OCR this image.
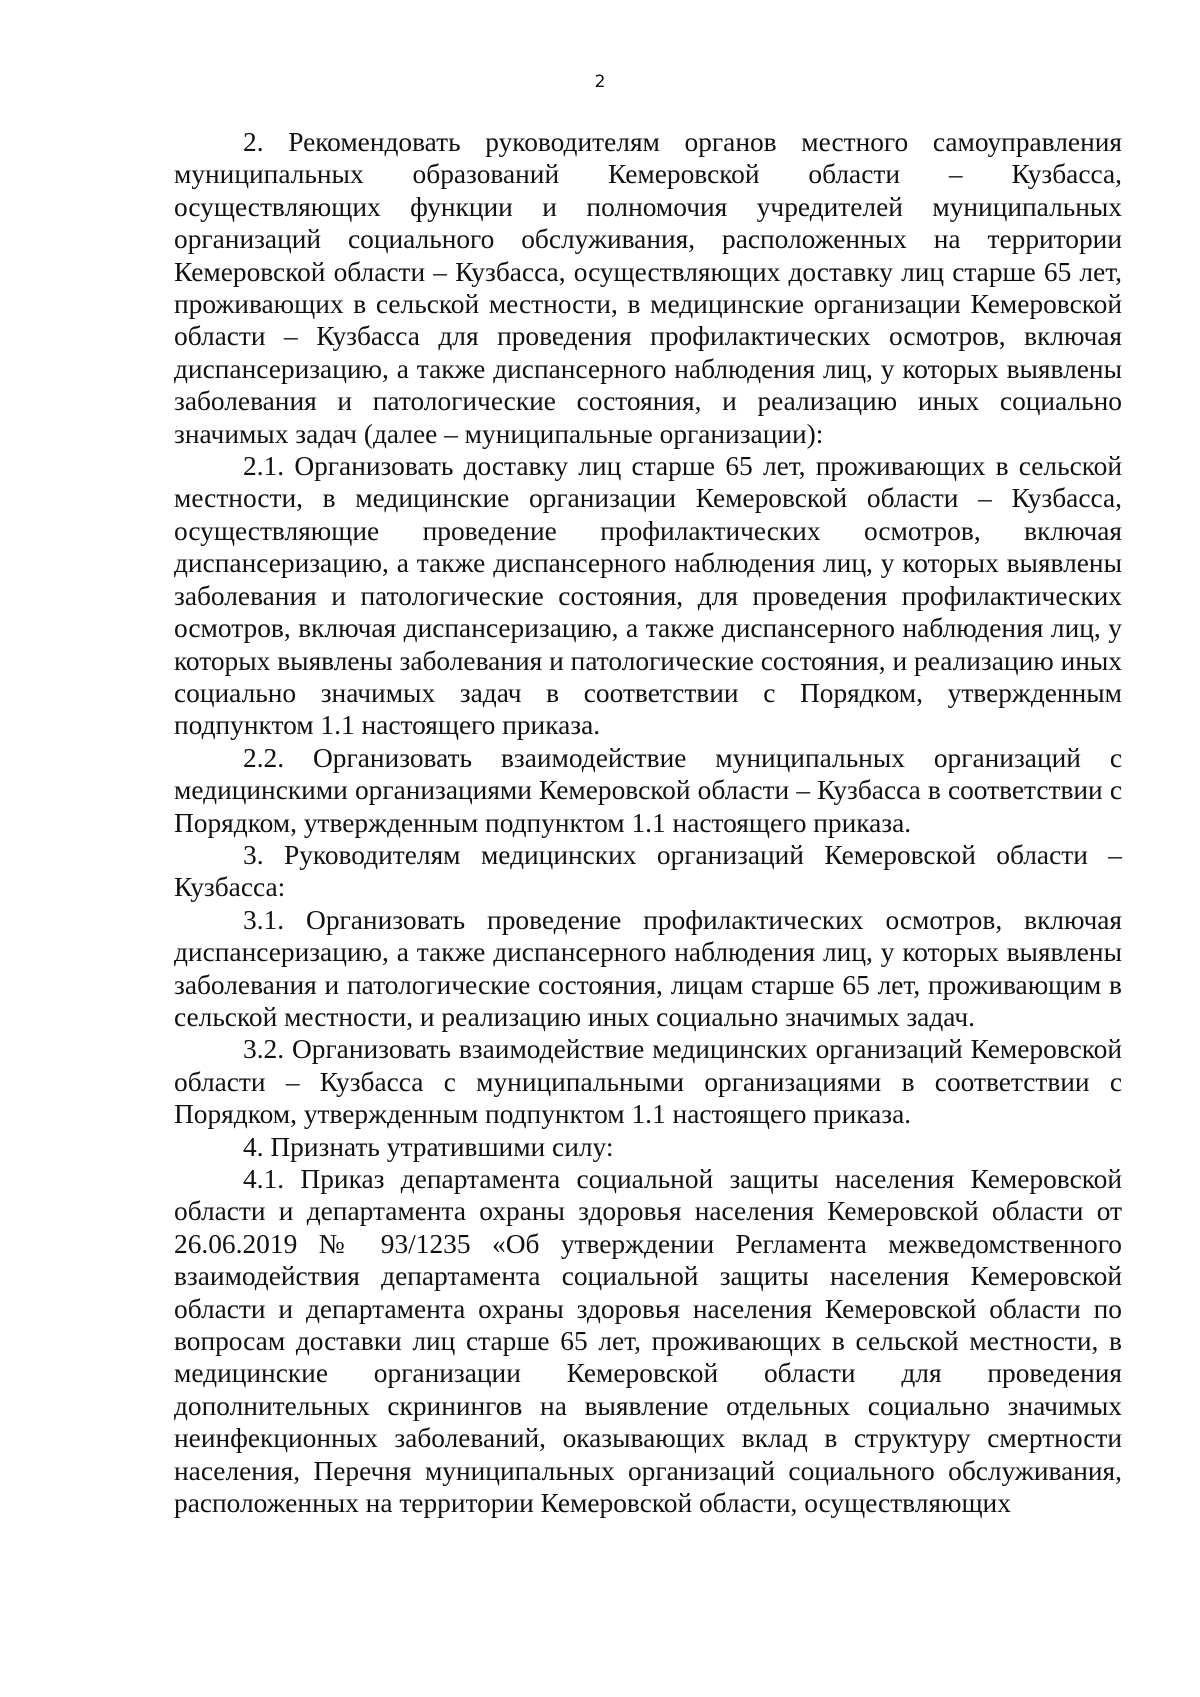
2

2. Рекомендовать руководителям органов местного самоуправления муниципальных образований Кемеровской области – Кузбасса, осуществляющих функции и полномочия учредителей муниципальных организаций социального обслуживания, расположенных на территории Кемеровской области – Кузбасса, осуществляющих доставку лиц старше 65 лет, проживающих в сельской местности, в медицинские организации Кемеровской области – Кузбасса для проведения профилактических осмотров, включая диспансеризацию, а также диспансерного наблюдения лиц, у которых выявлены заболевания и патологические состояния, и реализацию иных социально значимых задач (далее – муниципальные организации):

2.1. Организовать доставку лиц старше 65 лет, проживающих в сельской местности, в медицинские организации Кемеровской области – Кузбасса, осуществляющие проведение профилактических осмотров, включая диспансеризацию, а также диспансерного наблюдения лиц, у которых выявлены заболевания и патологические состояния, для проведения профилактических осмотров, включая диспансеризацию, а также диспансерного наблюдения лиц, у которых выявлены заболевания и патологические состояния, и реализацию иных социально значимых задач в соответствии с Порядком, утвержденным подпунктом 1.1 настоящего приказа.

2.2. Организовать взаимодействие муниципальных организаций с медицинскими организациями Кемеровской области – Кузбасса в соответствии с Порядком, утвержденным подпунктом 1.1 настоящего приказа.

3. Руководителям медицинских организаций Кемеровской области – Кузбасса:

3.1. Организовать проведение профилактических осмотров, включая диспансеризацию, а также диспансерного наблюдения лиц, у которых выявлены заболевания и патологические состояния, лицам старше 65 лет, проживающим в сельской местности, и реализацию иных социально значимых задач.

3.2. Организовать взаимодействие медицинских организаций Кемеровской области – Кузбасса с муниципальными организациями в соответствии с Порядком, утвержденным подпунктом 1.1 настоящего приказа.

4. Признать утратившими силу:

4.1. Приказ департамента социальной защиты населения Кемеровской области и департамента охраны здоровья населения Кемеровской области от 26.06.2019 № 93/1235 «Об утверждении Регламента межведомственного взаимодействия департамента социальной защиты населения Кемеровской области и департамента охраны здоровья населения Кемеровской области по вопросам доставки лиц старше 65 лет, проживающих в сельской местности, в медицинские организации Кемеровской области для проведения дополнительных скринингов на выявление отдельных социально значимых неинфекционных заболеваний, оказывающих вклад в структуру смертности населения, Перечня муниципальных организаций социального обслуживания, расположенных на территории Кемеровской области, осуществляющих
